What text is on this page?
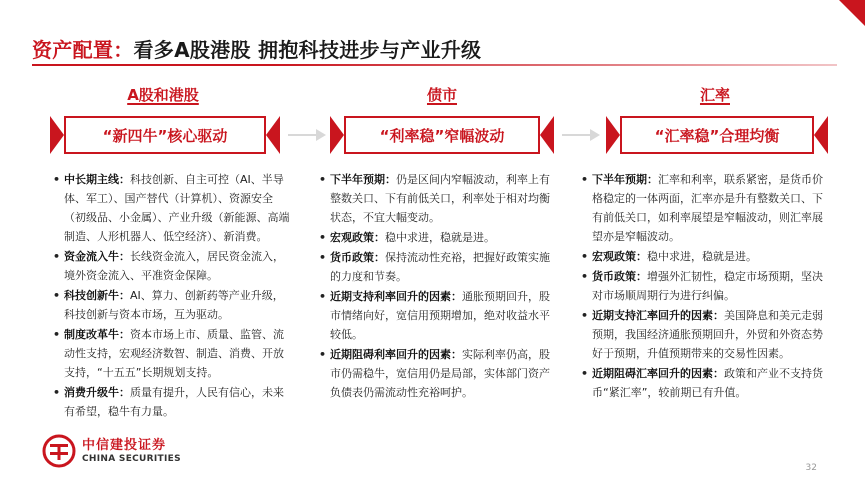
资产配置：看多A股港股 拥抱科技进步与产业升级
A股和港股
“新四牛”核心驱动
• 中长期主线：科技创新、自主可控（AI、半导体、军工）、国产替代（计算机）、资源安全（初级品、小金属）、产业升级（新能源、高端制造、人形机器人、低空经济）、新消费。
• 资金流入牛：长线资金流入，居民资金流入，境外资金流入、平准资金保障。
• 科技创新牛：AI、算力、创新药等产业升级，科技创新与资本市场，互为驱动。
• 制度改革牛：资本市场上市、质量、监管、流动性支持，宏观经济数智、制造、消费、开放支持，“十五五”长期规划支持。
• 消费升级牛：质量有提升，人民有信心，未来有希望，稳牛有力量。
债市
“利率稳”窄幅波动
• 下半年预期：仍是区间内窄幅波动，利率上有整数关口、下有前低关口，利率处于相对均衡状态，不宜大幅变动。
• 宏观政策：稳中求进，稳就是进。
• 货币政策：保持流动性充裕，把握好政策实施的力度和节奏。
• 近期支持利率回升的因素：通胀预期回升，股市情绪向好，宽信用预期增加，绝对收益水平较低。
• 近期阻碍利率回升的因素：实际利率仍高，股市仍需稳牛，宽信用仍是局部，实体部门资产负债表仍需流动性充裕呵护。
汇率
“汇率稳”合理均衡
• 下半年预期：汇率和利率，联系紧密，是货币价格稳定的一体两面，汇率亦是升有整数关口、下有前低关口，如利率展望是窄幅波动，则汇率展望亦是窄幅波动。
• 宏观政策：稳中求进，稳就是进。
• 货币政策：增强外汇韧性，稳定市场预期，坚决对市场顺周期行为进行纠偏。
• 近期支持汇率回升的因素：美国降息和美元走弱预期，我国经济通胀预期回升，外贸和外资态势好于预期，升值预期带来的交易性因素。
• 近期阻碍汇率回升的因素：政策和产业不支持货币“紧汇率”，较前期已有升值。
中信建投证券
CHINA SECURITIES
32
